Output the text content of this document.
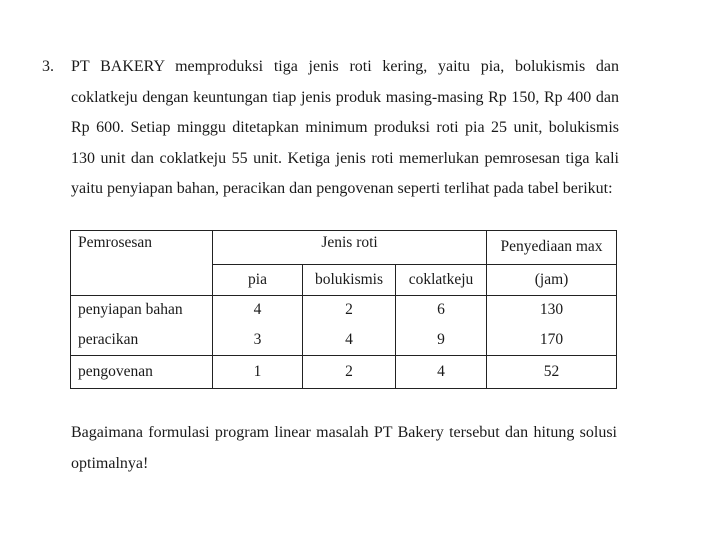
3. PT BAKERY memproduksi tiga jenis roti kering, yaitu pia, bolukismis dan coklatkeju dengan keuntungan tiap jenis produk masing-masing Rp 150, Rp 400 dan Rp 600. Setiap minggu ditetapkan minimum produksi roti pia 25 unit, bolukismis 130 unit dan coklatkeju 55 unit. Ketiga jenis roti memerlukan pemrosesan tiga kali yaitu penyiapan bahan, peracikan dan pengovenan seperti terlihat pada tabel berikut:
Pemrosesan	Jenis roti			Penyediaan max
	pia	bolukismis	coklatkeju	(jam)
penyiapan bahan	4	2	6	130
peracikan	3	4	9	170
pengovenan	1	2	4	52
Bagaimana formulasi program linear masalah PT Bakery tersebut dan hitung solusi optimalnya!
